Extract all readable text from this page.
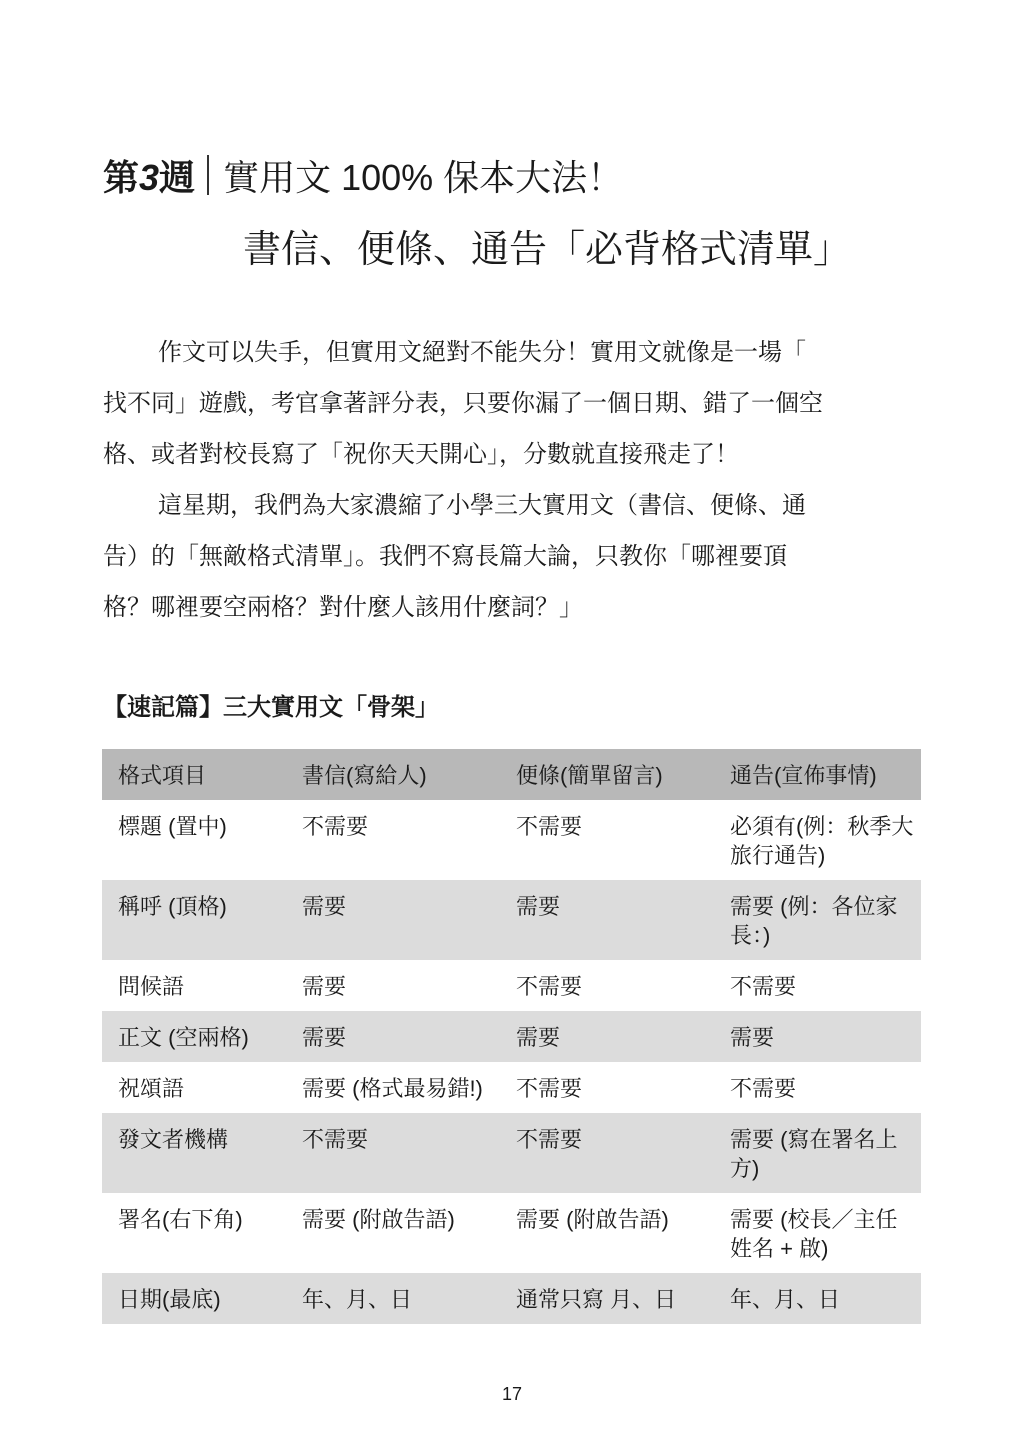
第3週 實用文 100% 保本大法！
書信、便條、通告「必背格式清單」

作文可以失手，但實用文絕對不能失分！實用文就像是一場「
找不同」遊戲，考官拿著評分表，只要你漏了一個日期、錯了一個空
格、或者對校長寫了「祝你天天開心」，分數就直接飛走了！

這星期，我們為大家濃縮了小學三大實用文（書信、便條、通
告）的「無敵格式清單」。我們不寫長篇大論，只教你「哪裡要頂
格？哪裡要空兩格？對什麼人該用什麼詞？」

【速記篇】三大實用文「骨架」
格式項目	書信(寫給人)	便條(簡單留言)	通告(宣佈事情)
標題 (置中)	不需要	不需要	必須有(例：秋季大旅行通告)
稱呼 (頂格)	需要	需要	需要 (例：各位家長：)
問候語	需要	不需要	不需要
正文 (空兩格)	需要	需要	需要
祝頌語	需要 (格式最易錯!)	不需要	不需要
發文者機構	不需要	不需要	需要 (寫在署名上方)
署名(右下角)	需要 (附啟告語)	需要 (附啟告語)	需要 (校長／主任姓名 + 啟)
日期(最底)	年、月、日	通常只寫 月、日	年、月、日
17
